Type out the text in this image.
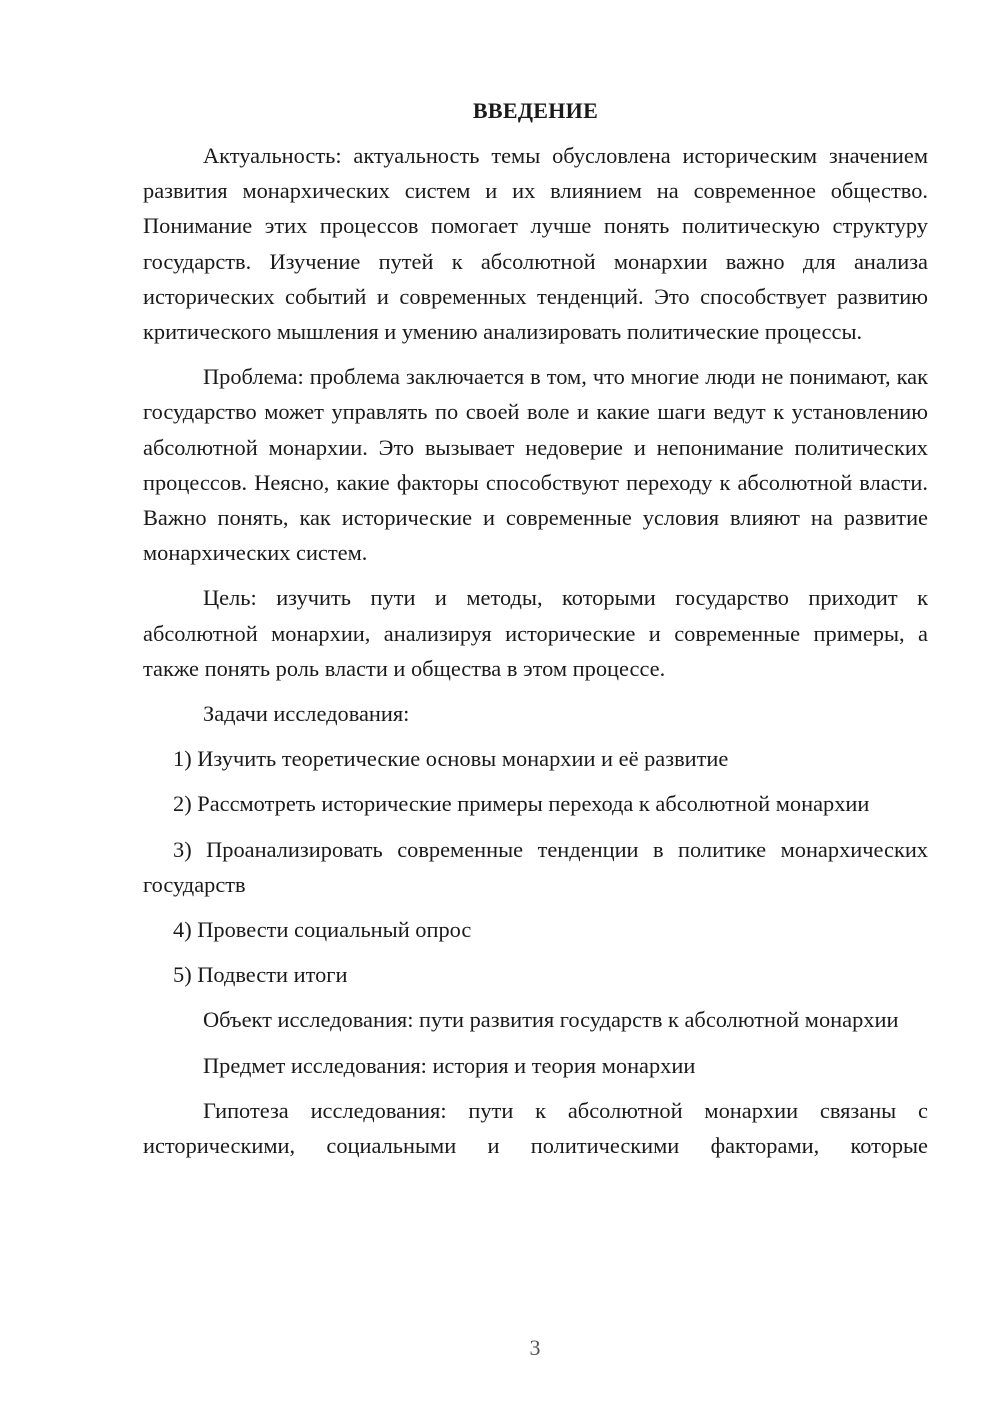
ВВЕДЕНИЕ

Актуальность: актуальность темы обусловлена историческим значением развития монархических систем и их влиянием на современное общество. Понимание этих процессов помогает лучше понять политическую структуру государств. Изучение путей к абсолютной монархии важно для анализа исторических событий и современных тенденций. Это способствует развитию критического мышления и умению анализировать политические процессы.

Проблема: проблема заключается в том, что многие люди не понимают, как государство может управлять по своей воле и какие шаги ведут к установлению абсолютной монархии. Это вызывает недоверие и непонимание политических процессов. Неясно, какие факторы способствуют переходу к абсолютной власти. Важно понять, как исторические и современные условия влияют на развитие монархических систем.

Цель: изучить пути и методы, которыми государство приходит к абсолютной монархии, анализируя исторические и современные примеры, а также понять роль власти и общества в этом процессе.

Задачи исследования:

1) Изучить теоретические основы монархии и её развитие

2) Рассмотреть исторические примеры перехода к абсолютной монархии

3) Проанализировать современные тенденции в политике монархических государств

4) Провести социальный опрос

5) Подвести итоги

Объект исследования: пути развития государств к абсолютной монархии

Предмет исследования: история и теория монархии

Гипотеза исследования: пути к абсолютной монархии связаны с историческими, социальными и политическими факторами, которые

3
